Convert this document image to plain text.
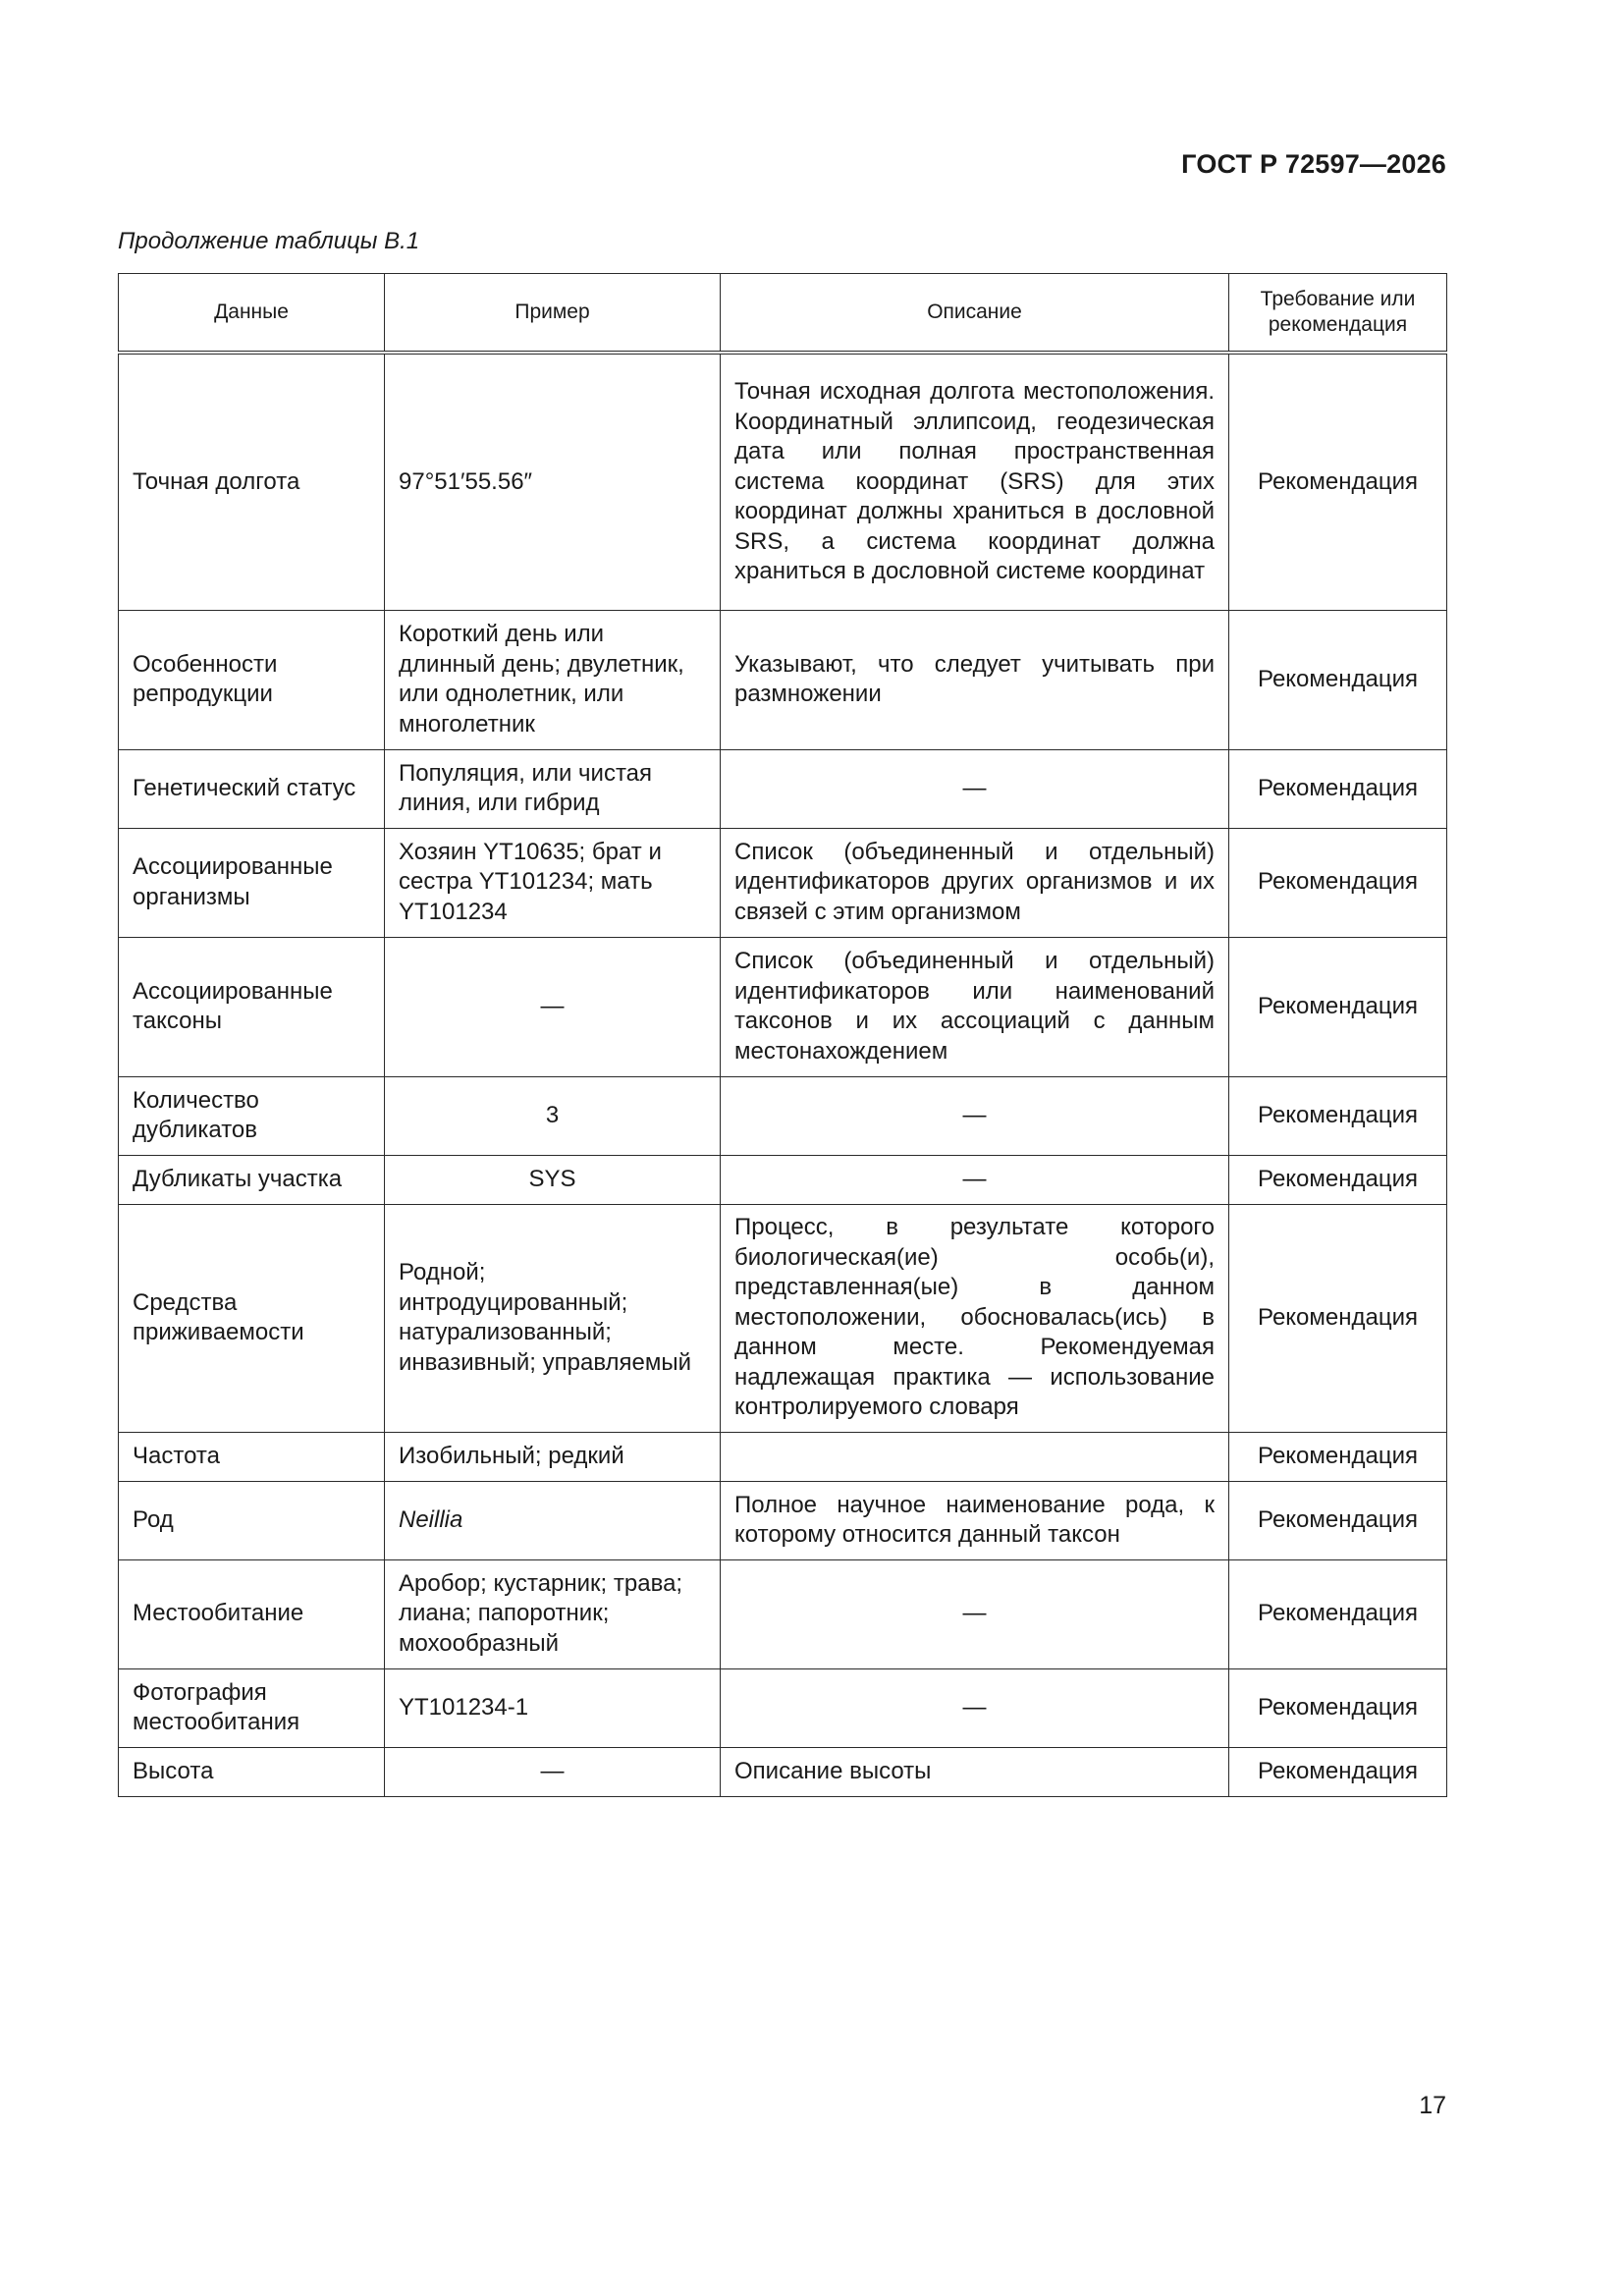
ГОСТ Р 72597—2026
Продолжение таблицы В.1
Данные	Пример	Описание	Требование или рекомендация
Точная долгота	97°51′55.56″	Точная исходная долгота местоположения. Координатный эллипсоид, геодезическая дата или полная пространственная система координат (SRS) для этих координат должны храниться в дословной SRS, а система координат должна храниться в дословной системе координат	Рекомендация
Особенности репродукции	Короткий день или длинный день; двулетник, или однолетник, или многолетник	Указывают, что следует учитывать при размножении	Рекомендация
Генетический статус	Популяция, или чистая линия, или гибрид	—	Рекомендация
Ассоциированные организмы	Хозяин YT10635; брат и сестра YT101234; мать YT101234	Список (объединенный и отдельный) идентификаторов других организмов и их связей с этим организмом	Рекомендация
Ассоциированные таксоны	—	Список (объединенный и отдельный) идентификаторов или наименований таксонов и их ассоциаций с данным местонахождением	Рекомендация
Количество дубликатов	3	—	Рекомендация
Дубликаты участка	SYS	—	Рекомендация
Средства приживаемости	Родной; интродуцированный; натурализованный; инвазивный; управляемый	Процесс, в результате которого биологическая(ие) особь(и), представленная(ые) в данном местоположении, обосновалась(ись) в данном месте. Рекомендуемая надлежащая практика — использование контролируемого словаря	Рекомендация
Частота	Изобильный; редкий		Рекомендация
Род	Neillia	Полное научное наименование рода, к которому относится данный таксон	Рекомендация
Местообитание	Аробор; кустарник; трава; лиана; папоротник; мохообразный	—	Рекомендация
Фотография местообитания	YT101234-1	—	Рекомендация
Высота	—	Описание высоты	Рекомендация
17
